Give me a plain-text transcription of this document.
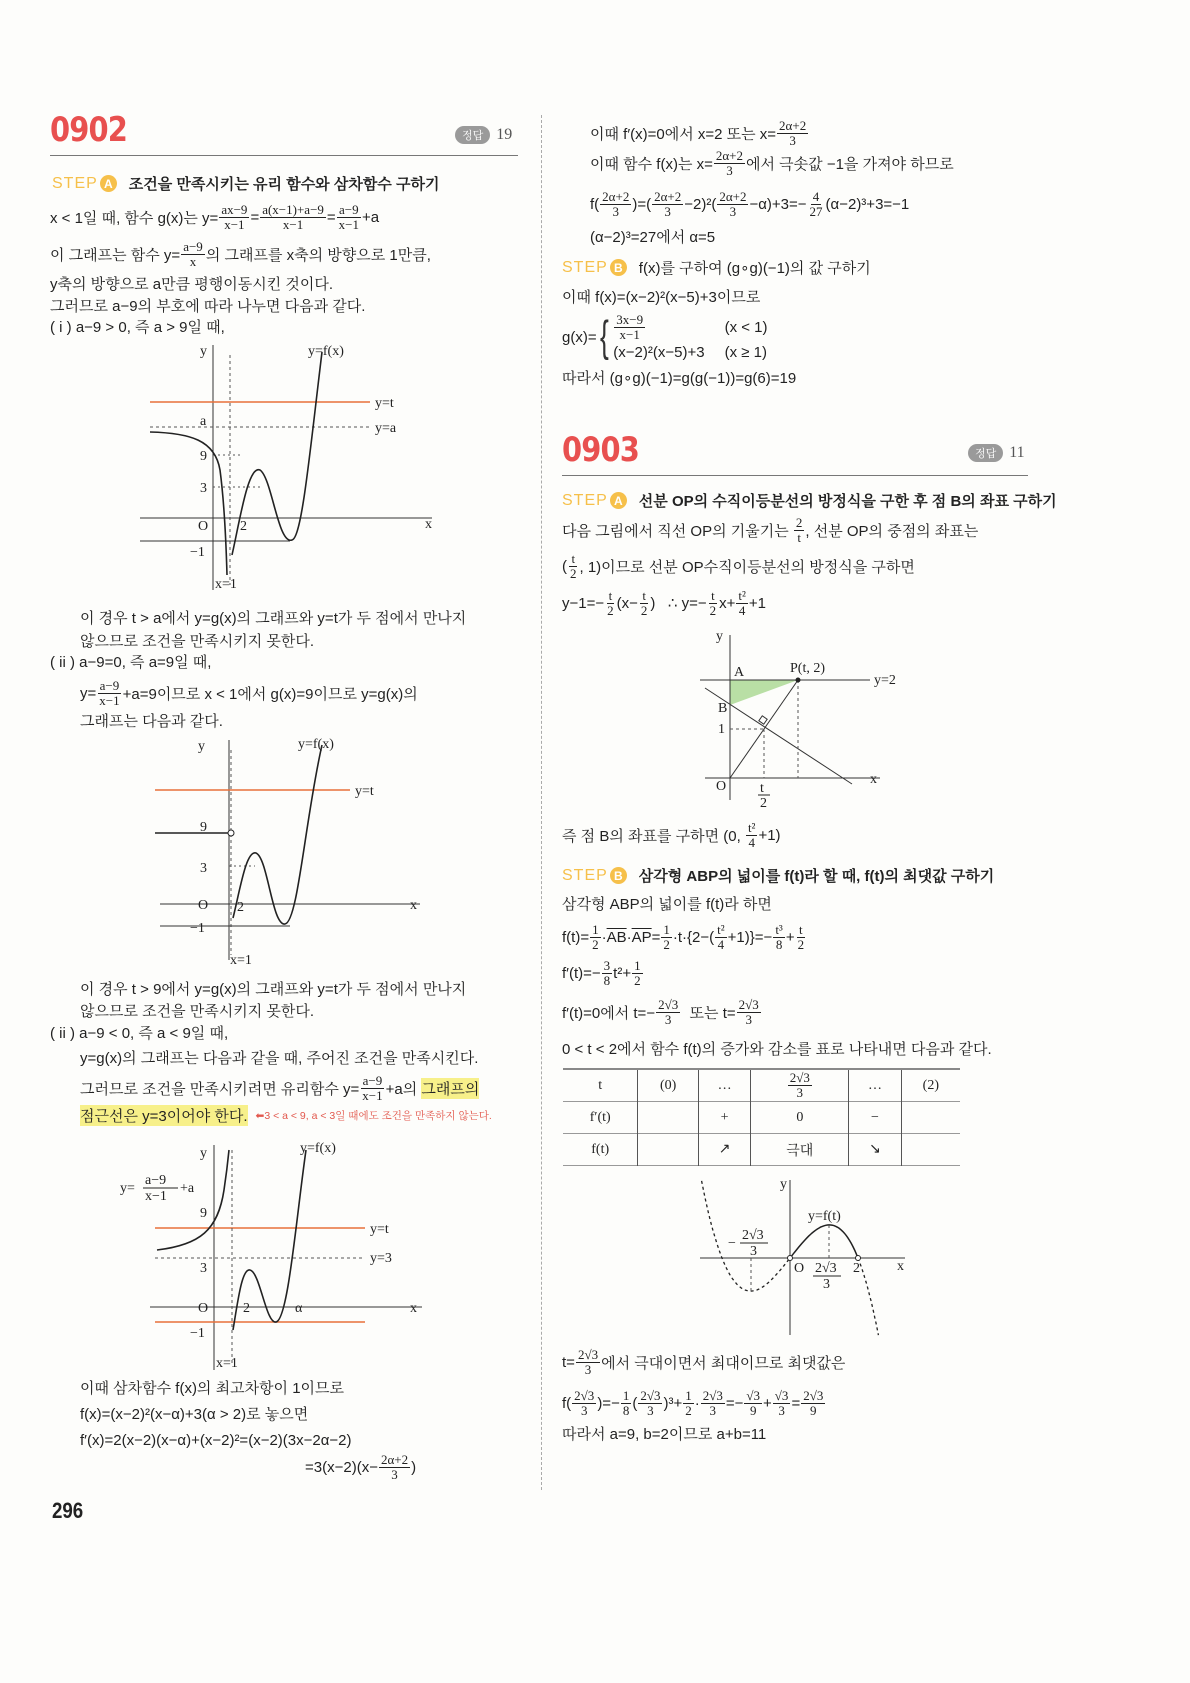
0902	정답 19
STEP A 조건을 만족시키는 유리 함수와 삼차함수 구하기
x < 1일 때, 함수 g(x)는 $y= \frac{ax-9}{x-1} = \frac{a(x-1)+a-9}{x-1} = \frac{a-9}{x-1} +a$
이 그래프는 함수 $y= \frac{a-9}{x}$ 의 그래프를 x축의 방향으로 1만큼,
y축의 방향으로 a만큼 평행이동시킨 것이다.
그러므로 a−9의 부호에 따라 나누면 다음과 같다.
( i ) a−9 > 0, 즉 a > 9일 때,
y	y=f(x)
y=t
y=a
a
9
3
O 2	x
−1
x=1
이 경우 t > a에서 y=g(x)의 그래프와 y=t가 두 점에서 만나지
않으므로 조건을 만족시키지 못한다.
( ii ) a−9=0, 즉 a=9일 때,
$y= \frac{a-9}{x-1} +a=9$이므로 x < 1에서 g(x)=9이므로 y=g(x)의
그래프는 다음과 같다.
y	y=f(x)
y=t
9
3
O 2	x
−1
x=1
이 경우 t > 9에서 y=g(x)의 그래프와 y=t가 두 점에서 만나지
않으므로 조건을 만족시키지 못한다.
( ii ) a−9 < 0, 즉 a < 9일 때,
y=g(x)의 그래프는 다음과 같을 때, 주어진 조건을 만족시킨다.
그러므로 조건을 만족시키려면 유리함수 $y= \frac{a-9}{x-1} +a$의 그래프의
점근선은 y=3이어야 한다. ⬅3 < a < 9, a < 3일 때에도 조건을 만족하지 않는다.
y	y=f(x)
y=
a−9
x−1
+a
y=t
y=3
9
3
O 2	α	x
−1
x=1
이때 삼차함수 f(x)의 최고차항이 1이므로
f(x)=(x−2)²(x−α)+3(α > 2)로 놓으면
f′(x)=2(x−2)(x−α)+(x−2)²=(x−2)(3x−2α−2)
$=3(x-2)(x- \frac{2\alpha+2}{3}$ )
296
이때 f′(x)=0에서 x=2 또는 $x= \frac{2\alpha+2}{3}$
이때 함수 f(x)는 $x= \frac{2\alpha+2}{3}$ 에서 극솟값 −1을 가져야 하므로
$f( \frac{2\alpha+2}{3}$ )=( $\frac{2\alpha+2}{3} -2)^2( \frac{2\alpha+2}{3} -\alpha)+3=- \frac{4}{27} (\alpha-2)^3+3=-1$
(α−2)³=27에서 α=5
STEP B f(x)를 구하여 (g∘g)(−1)의 값 구하기
이때 f(x)=(x−2)²(x−5)+3이므로
g(x)= { $\frac{3x-9}{x-1}$	(x < 1)
(x−2)²(x−5)+3 (x ≥ 1)
따라서 (g∘g)(−1)=g(g(−1))=g(6)=19
0903	정답 11
STEP A 선분 OP의 수직이등분선의 방정식을 구한 후 점 B의 좌표 구하기
다음 그림에서 직선 OP의 기울기는 $\frac{2}{t}$ , 선분 OP의 중점의 좌표는
( $\frac{t}{2}$ , 1)이므로 선분 OP수직이등분선의 방정식을 구하면
$y-1=- \frac{t}{2} (x- \frac{t}{2}$ )   ∴ $y=- \frac{t}{2} x+ \frac{\text{t²}}{4} +1$
y
A	P(t, 2)
y=2
B
1
O t
2
x
즉 점 B의 좌표를 구하면 (0, $\frac{\text{t²}}{4} +1$)
STEP B 삼각형 ABP의 넓이를 f(t)라 할 때, f(t)의 최댓값 구하기
삼각형 ABP의 넓이를 f(t)라 하면
$f(t)= \frac{1}{2} \cdot \overline{AB} \cdot \overline{AP} = \frac{1}{2} \cdot t\cdot\{2-( \frac{\text{t²}}{4} +1)\}=- \frac{\text{t³}}{8} + \frac{t}{2}$
$f'(t)=- \frac{3}{8} t^2+ \frac{1}{2}$
f′(t)=0에서 $t=- \frac{2√3}{3}$ 또는 $t= \frac{2√3}{3}$
0 < t < 2에서 함수 f(t)의 증가와 감소를 표로 나타내면 다음과 같다.
t	(0)	…	$\frac{2√3}{3}$	…	(2)
f′(t)		+	0	−	
f(t)		↗	극대	↘	
y
y=f(t)
−
2√3
3
O 2√3
3
2	x
$t= \frac{2√3}{3}$ 에서 극대이면서 최대이므로 최댓값은
$f( \frac{2√3}{3}$ )=− $\frac{1}{8}$ ( $\frac{2√3}{3} )^3+ \frac{1}{2} \cdot \frac{2√3}{3} =- \frac{√3}{9} + \frac{√3}{3} = \frac{2√3}{9}$
따라서 a=9, b=2이므로 a+b=11
